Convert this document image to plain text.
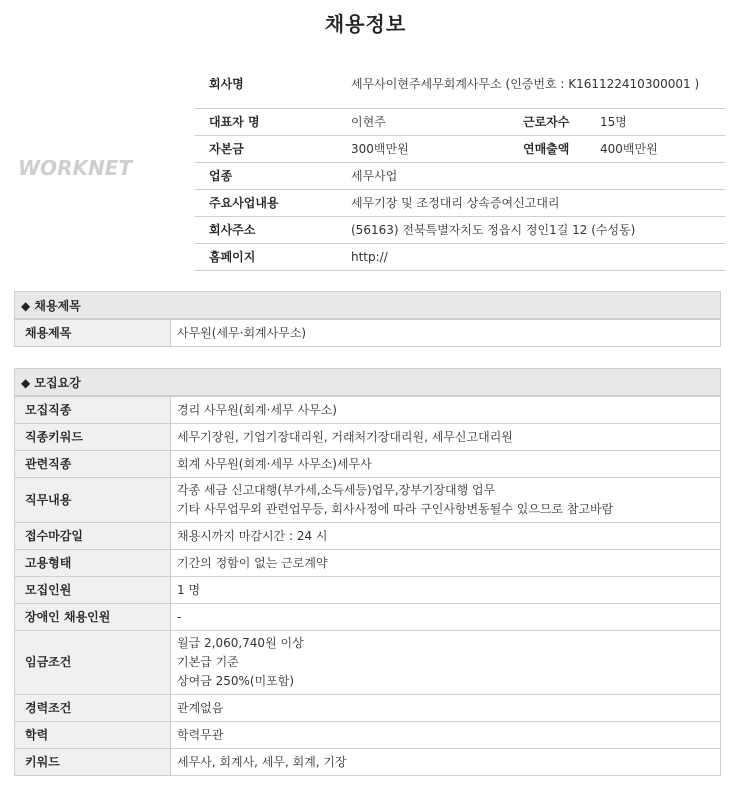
채용정보
WORKNET
회사명	세무사이현주세무회계사무소 (인증번호 : K161122410300001 )		
대표자 명	이현주	근로자수	15명
자본금	300백만원	연매출액	400백만원
업종	세무사업		
주요사업내용	세무기장 및 조정대리 상속증여신고대리		
회사주소	(56163) 전북특별자치도 정읍시 정인1길 12 (수성동)		
홈페이지	http://		
◆ 채용제목
채용제목	사무원(세무·회계사무소)
◆ 모집요강
모집직종	경리 사무원(회계·세무 사무소)

직종키워드	세무기장원, 기업기장대리원, 거래처기장대리원, 세무신고대리원

관련직종	회계 사무원(회계·세무 사무소)세무사

직무내용	각종 세금 신고대행(부가세,소득세등)업무,장부기장대행 업무
기타 사무업무외 관련업무등, 회사사정에 따라 구인사항변동될수 있으므로 참고바람

접수마감일	채용시까지 마감시간 : 24 시

고용형태	기간의 정함이 없는 근로계약

모집인원	1 명

장애인 채용인원	-

임금조건	월급 2,060,740원 이상
기본급 기준
상여금 250%(미포함)

경력조건	관계없음

학력	학력무관

키워드	세무사, 회계사, 세무, 회계, 기장
